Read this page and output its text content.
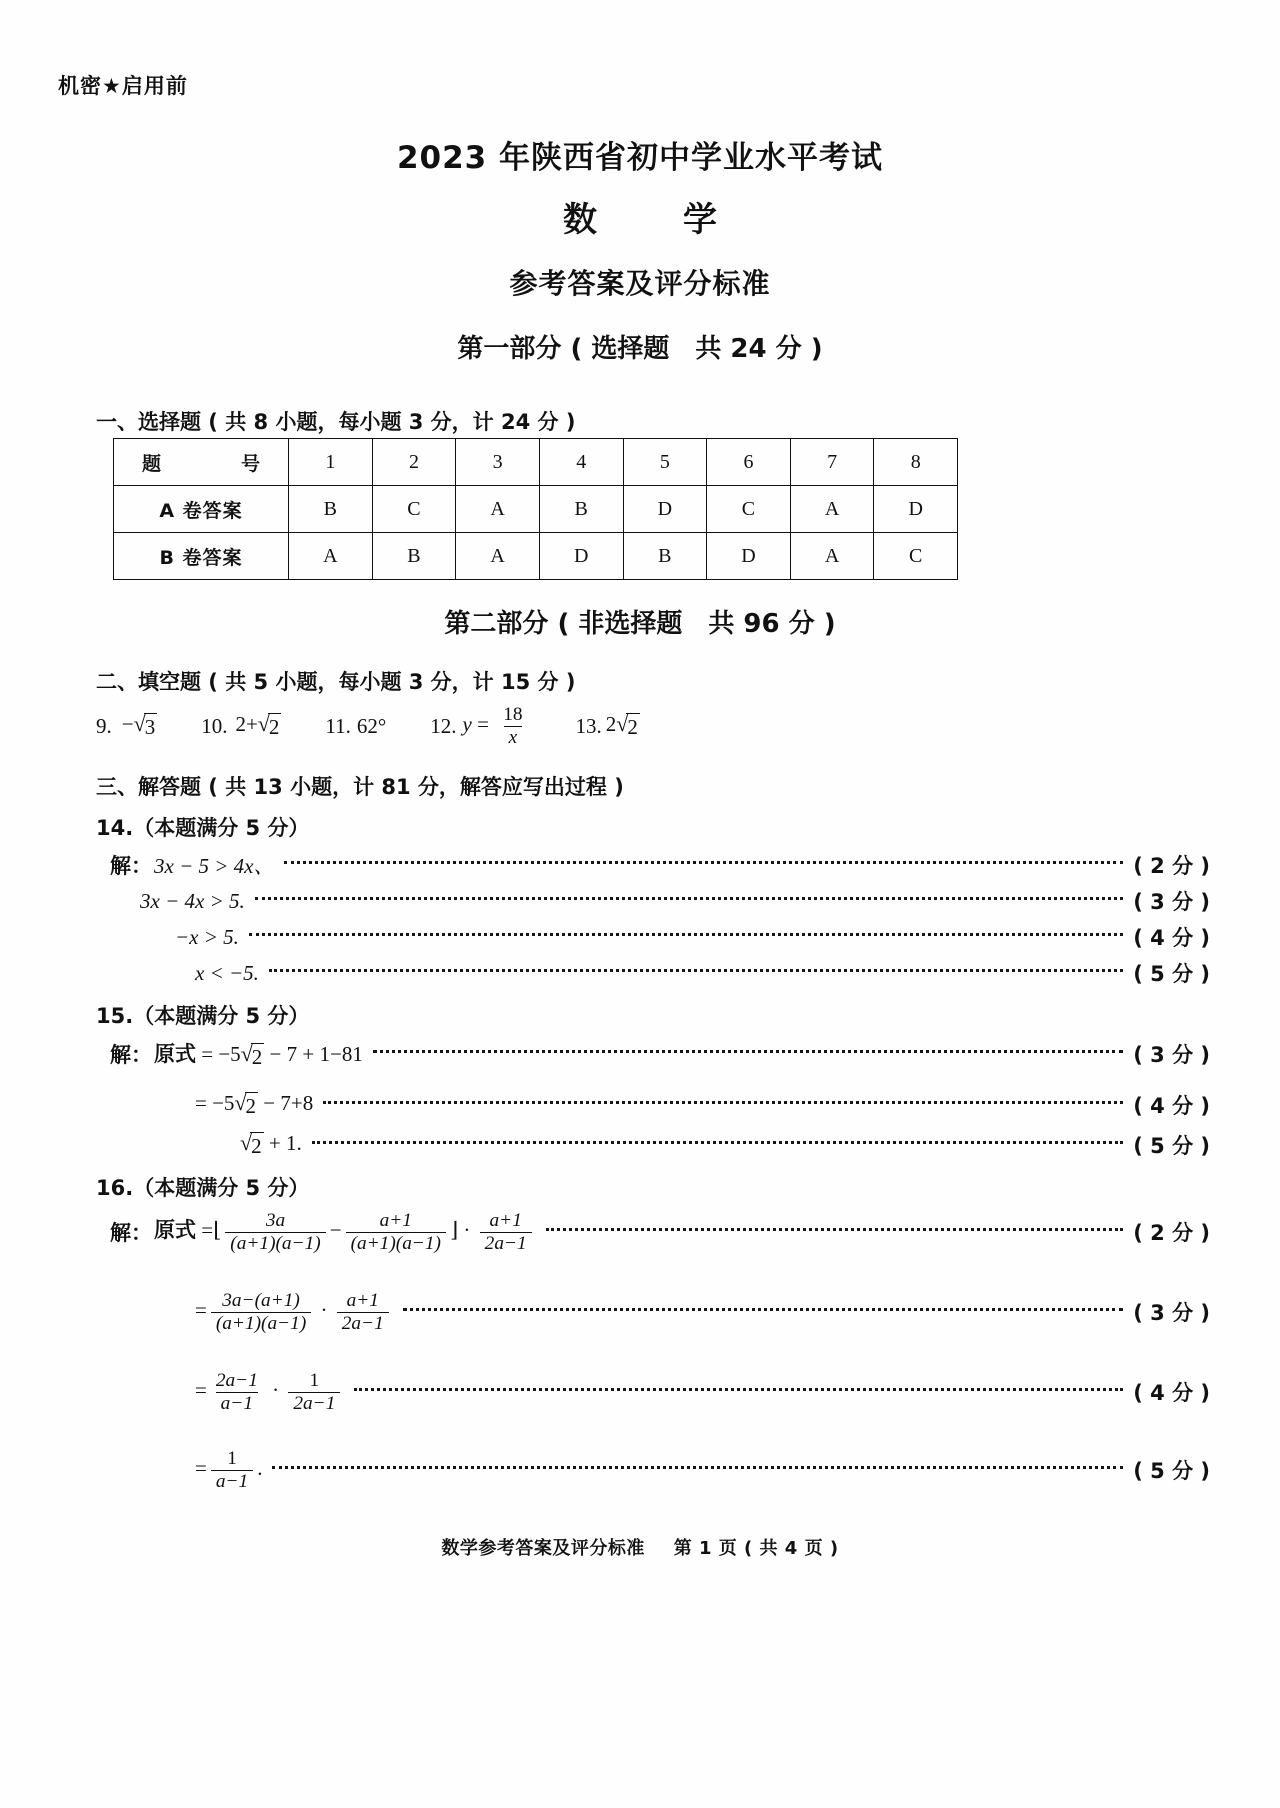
机密★启用前
2023 年陕西省初中学业水平考试
数　学
参考答案及评分标准
第一部分 ( 选择题　共 24 分 )
一、选择题 ( 共 8 小题，每小题 3 分，计 24 分 )
题　　号	1	2	3	4	5	6	7	8
A 卷答案	B	C	A	B	D	C	A	D
B 卷答案	A	B	A	D	B	D	A	C
第二部分 ( 非选择题　共 96 分 )
二、填空题 ( 共 5 小题，每小题 3 分，计 15 分 )
9. − √ 3 10. 2+ √ 2 11. 62° 12. $y = \frac{18}{x} 13$. 2 √ 2
三、解答题 ( 共 13 小题，计 81 分，解答应写出过程 )
14.（本题满分 5 分）
解： 3x − 5 > 4x、	( 2 分 )
3x − 4x > 5.	( 3 分 )
−x > 5.	( 4 分 )
x < −5.	( 5 分 )
15.（本题满分 5 分）
解： 原式 = −5 √ 2 − 7 + 1−81	( 3 分 )
= −5 √ 2 − 7+8	( 4 分 )
√ 2 + 1.	( 5 分 )
16.（本题满分 5 分）
解： 原式 =⌊ $\frac{3a}{(a+1)(a-1)} - \frac{a+1}{(a+1)(a-1)}$ ⌋ · $\frac{a+1}{2a-1}$	( 2 分 )
= $\frac{3a-(a+1)}{(a+1)(a-1)} \cdot \frac{a+1}{2a-1}$	( 3 分 )
= $\frac{2a-1}{a-1} \cdot \frac{1}{2a-1}$	( 4 分 )
= $\frac{1}{a-1}$ .	( 5 分 )
数学参考答案及评分标准 第 1 页 ( 共 4 页 )
